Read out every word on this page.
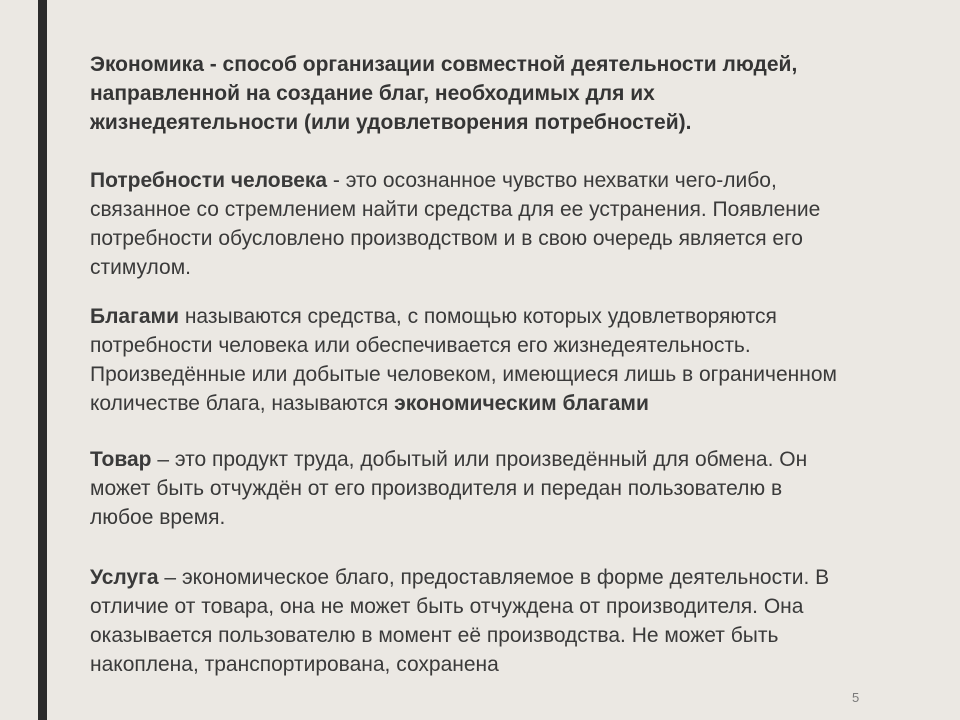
Экономика - способ организации совместной деятельности людей,
направленной на создание благ, необходимых для их
жизнедеятельности (или удовлетворения потребностей).
Потребности человека - это осознанное чувство нехватки чего-либо,
связанное со стремлением найти средства для ее устранения. Появление
потребности обусловлено производством и в свою очередь является его
стимулом.
Благами называются средства, с помощью которых удовлетворяются
потребности человека или обеспечивается его жизнедеятельность.
Произведённые или добытые человеком, имеющиеся лишь в ограниченном
количестве блага, называются экономическим благами
Товар – это продукт труда, добытый или произведённый для обмена. Он
может быть отчуждён от его производителя и передан пользователю в
любое время.
Услуга – экономическое благо, предоставляемое в форме деятельности. В
отличие от товара, она не может быть отчуждена от производителя. Она
оказывается пользователю в момент её производства. Не может быть
накоплена, транспортирована, сохранена
5
